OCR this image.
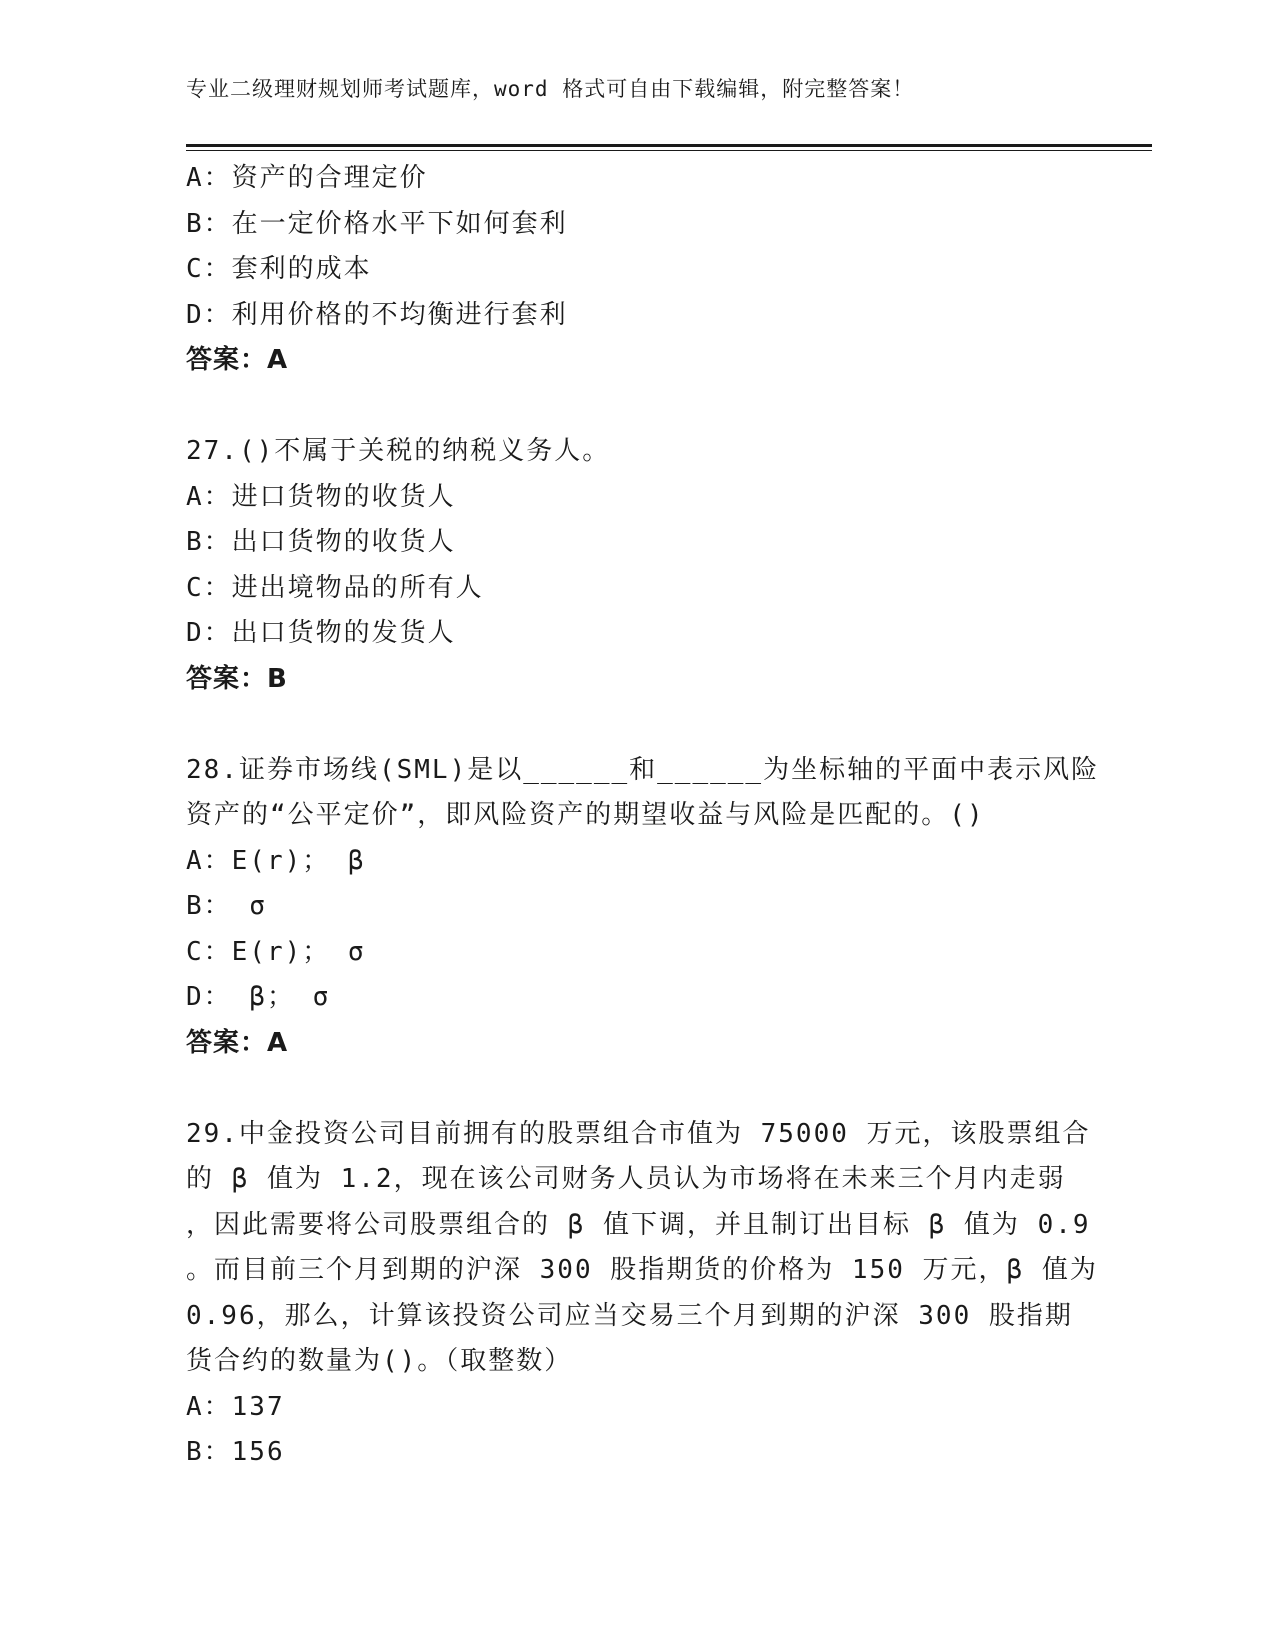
专业二级理财规划师考试题库，word 格式可自由下载编辑，附完整答案！

A：资产的合理定价

B：在一定价格水平下如何套利

C：套利的成本

D：利用价格的不均衡进行套利

答案：A

27.()不属于关税的纳税义务人。

A：进口货物的收货人

B：出口货物的收货人

C：进出境物品的所有人

D：出口货物的发货人

答案：B

28.证券市场线(SML)是以______和______为坐标轴的平面中表示风险

资产的“公平定价”，即风险资产的期望收益与风险是匹配的。()

A：E(r)； β

B： σ

C：E(r)； σ

D： β； σ

答案：A

29.中金投资公司目前拥有的股票组合市值为 75000 万元，该股票组合

的 β 值为 1.2，现在该公司财务人员认为市场将在未来三个月内走弱

，因此需要将公司股票组合的 β 值下调，并且制订出目标 β 值为 0.9

。而目前三个月到期的沪深 300 股指期货的价格为 150 万元，β 值为

0.96，那么，计算该投资公司应当交易三个月到期的沪深 300 股指期

货合约的数量为()。（取整数）

A：137

B：156
